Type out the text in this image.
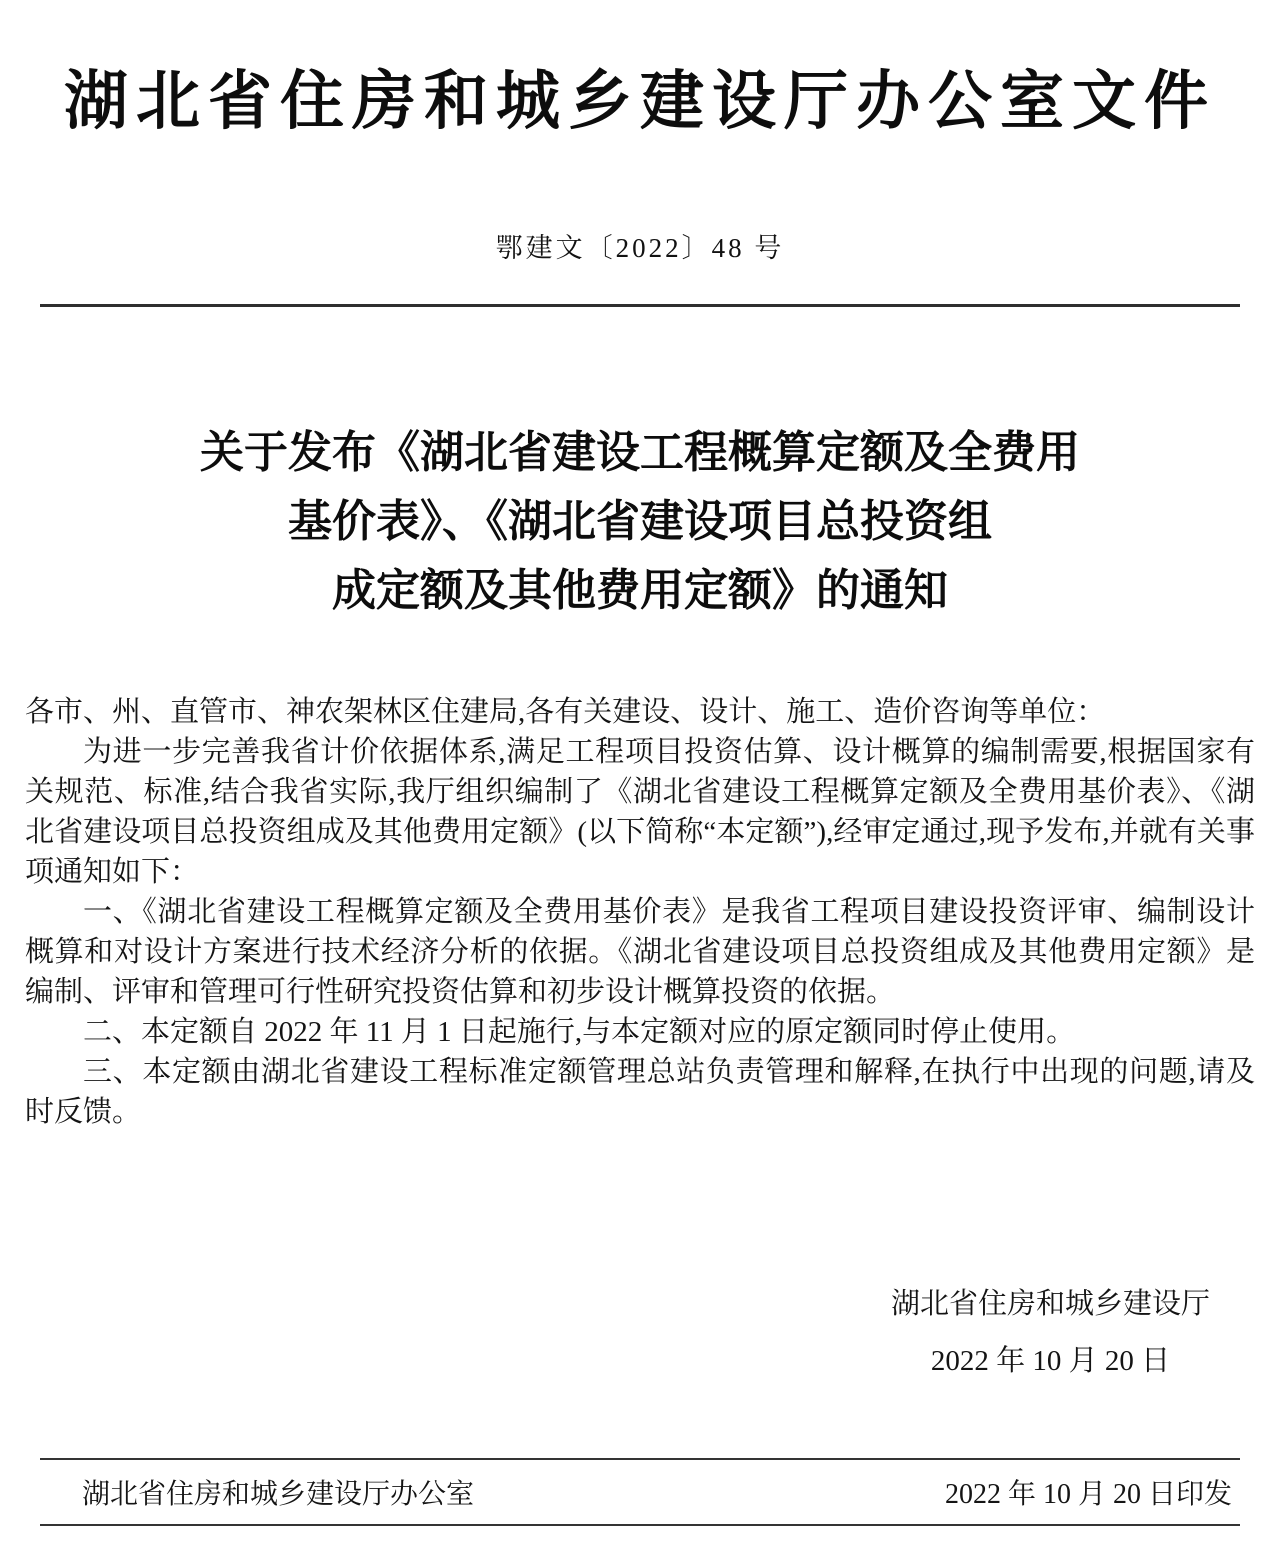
湖北省住房和城乡建设厅办公室文件
鄂建文〔2022〕48 号
关于发布《湖北省建设工程概算定额及全费用
基价表》、《湖北省建设项目总投资组
成定额及其他费用定额》的通知

各市、州、直管市、神农架林区住建局,各有关建设、设计、施工、造价咨询等单位：

为进一步完善我省计价依据体系,满足工程项目投资估算、设计概算的编制需要,根据国家有关规范、标准,结合我省实际,我厅组织编制了《湖北省建设工程概算定额及全费用基价表》、《湖北省建设项目总投资组成及其他费用定额》(以下简称“本定额”),经审定通过,现予发布,并就有关事项通知如下：

一、《湖北省建设工程概算定额及全费用基价表》是我省工程项目建设投资评审、编制设计概算和对设计方案进行技术经济分析的依据。《湖北省建设项目总投资组成及其他费用定额》是编制、评审和管理可行性研究投资估算和初步设计概算投资的依据。

二、本定额自 2022 年 11 月 1 日起施行,与本定额对应的原定额同时停止使用。

三、本定额由湖北省建设工程标准定额管理总站负责管理和解释,在执行中出现的问题,请及时反馈。

湖北省住房和城乡建设厅
2022 年 10 月 20 日
湖北省住房和城乡建设厅办公室	2022 年 10 月 20 日印发
